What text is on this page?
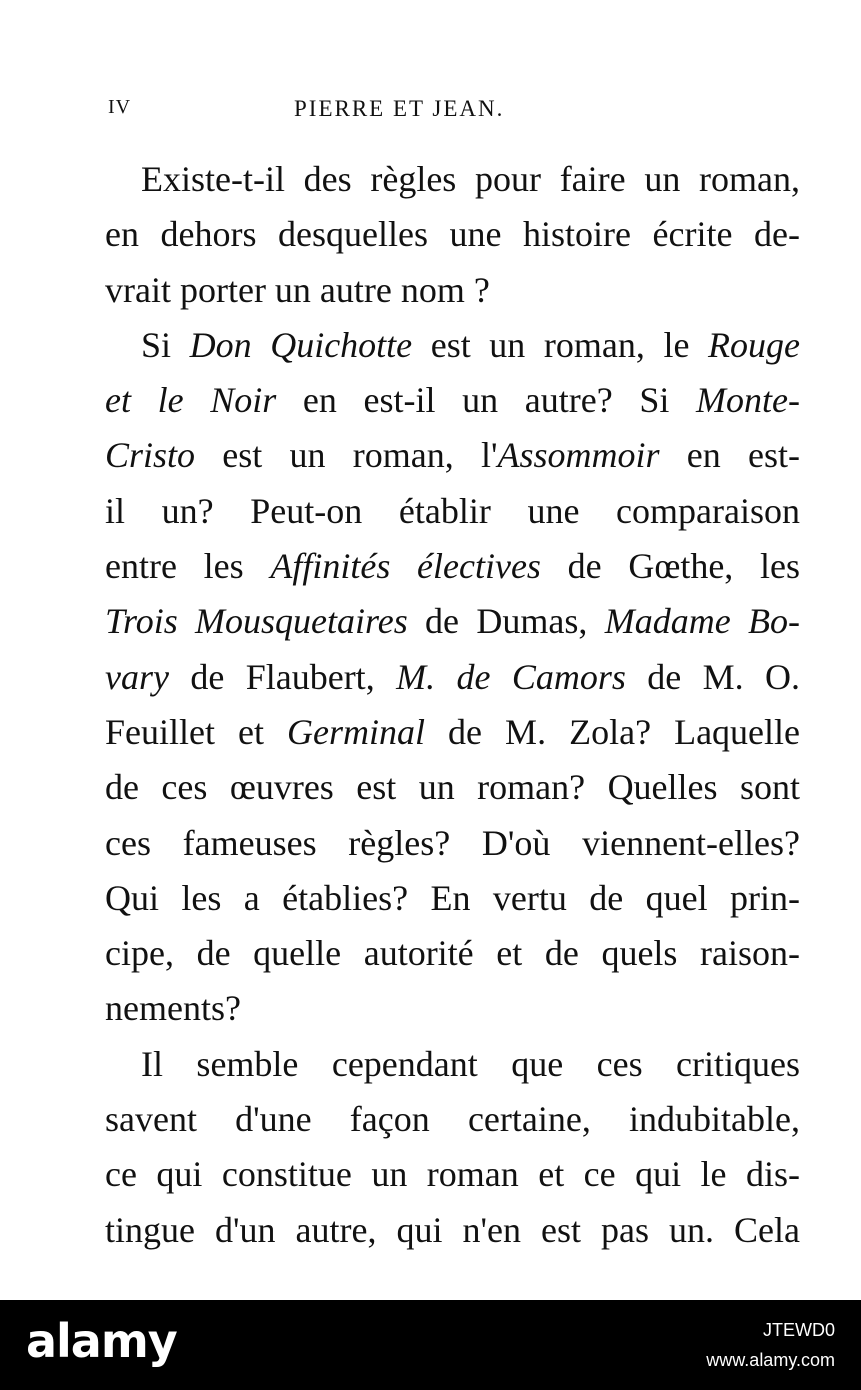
IV	PIERRE ET JEAN.
Existe-t-il des règles pour faire un roman,
en dehors desquelles une histoire écrite de-
vrait porter un autre nom ?
Si Don Quichotte est un roman, le Rouge
et le Noir en est-il un autre? Si Monte-
Cristo est un roman, l'Assommoir en est-
il un? Peut-on établir une comparaison
entre les Affinités électives de Gœthe, les
Trois Mousquetaires de Dumas, Madame Bo-
vary de Flaubert, M. de Camors de M. O.
Feuillet et Germinal de M. Zola? Laquelle
de ces œuvres est un roman? Quelles sont
ces fameuses règles? D'où viennent-elles?
Qui les a établies? En vertu de quel prin-
cipe, de quelle autorité et de quels raison-
nements?
Il semble cependant que ces critiques
savent d'une façon certaine, indubitable,
ce qui constitue un roman et ce qui le dis-
tingue d'un autre, qui n'en est pas un. Cela
alamy	JTEWD0
www.alamy.com
